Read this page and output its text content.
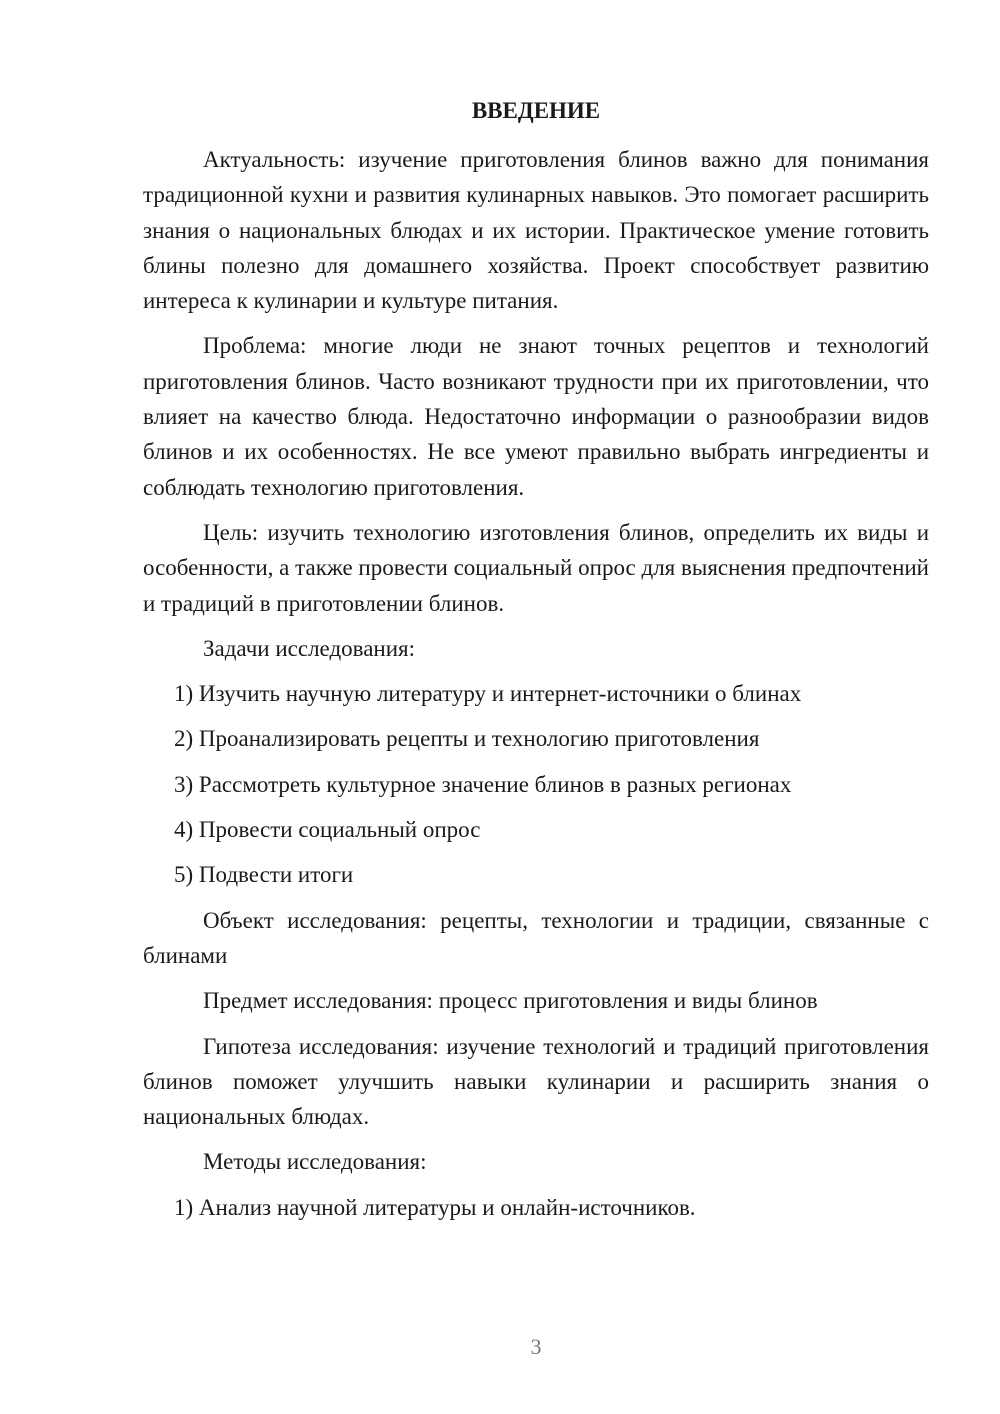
ВВЕДЕНИЕ

Актуальность: изучение приготовления блинов важно для понимания традиционной кухни и развития кулинарных навыков. Это помогает расширить знания о национальных блюдах и их истории. Практическое умение готовить блины полезно для домашнего хозяйства. Проект способствует развитию интереса к кулинарии и культуре питания.

Проблема: многие люди не знают точных рецептов и технологий приготовления блинов. Часто возникают трудности при их приготовлении, что влияет на качество блюда. Недостаточно информации о разнообразии видов блинов и их особенностях. Не все умеют правильно выбрать ингредиенты и соблюдать технологию приготовления.

Цель: изучить технологию изготовления блинов, определить их виды и особенности, а также провести социальный опрос для выяснения предпочтений и традиций в приготовлении блинов.

Задачи исследования:

1) Изучить научную литературу и интернет-источники о блинах

2) Проанализировать рецепты и технологию приготовления

3) Рассмотреть культурное значение блинов в разных регионах

4) Провести социальный опрос

5) Подвести итоги

Объект исследования: рецепты, технологии и традиции, связанные с блинами

Предмет исследования: процесс приготовления и виды блинов

Гипотеза исследования: изучение технологий и традиций приготовления блинов поможет улучшить навыки кулинарии и расширить знания о национальных блюдах.

Методы исследования:

1) Анализ научной литературы и онлайн-источников.

3
